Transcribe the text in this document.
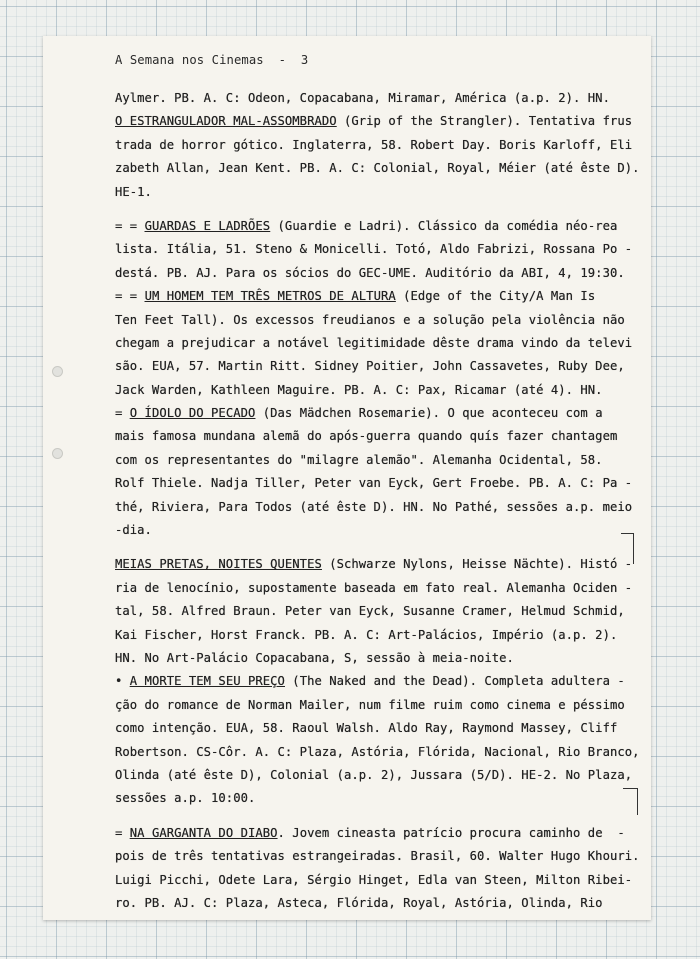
A Semana nos Cinemas  -  3
Aylmer. PB. A. C: Odeon, Copacabana, Miramar, América (a.p. 2). HN.
O ESTRANGULADOR MAL-ASSOMBRADO (Grip of the Strangler). Tentativa frus
trada de horror gótico. Inglaterra, 58. Robert Day. Boris Karloff, Eli
zabeth Allan, Jean Kent. PB. A. C: Colonial, Royal, Méier (até êste D).
HE-1.
= = GUARDAS E LADRÕES (Guardie e Ladri). Clássico da comédia néo-rea
lista. Itália, 51. Steno & Monicelli. Totó, Aldo Fabrizi, Rossana Po -
destá. PB. AJ. Para os sócios do GEC-UME. Auditório da ABI, 4, 19:30.
= = UM HOMEM TEM TRÊS METROS DE ALTURA (Edge of the City/A Man Is
Ten Feet Tall). Os excessos freudianos e a solução pela violência não
chegam a prejudicar a notável legitimidade dêste drama vindo da televi
são. EUA, 57. Martin Ritt. Sidney Poitier, John Cassavetes, Ruby Dee,
Jack Warden, Kathleen Maguire. PB. A. C: Pax, Ricamar (até 4). HN.
= O ÍDOLO DO PECADO (Das Mädchen Rosemarie). O que aconteceu com a
mais famosa mundana alemã do após-guerra quando quís fazer chantagem
com os representantes do "milagre alemão". Alemanha Ocidental, 58.
Rolf Thiele. Nadja Tiller, Peter van Eyck, Gert Froebe. PB. A. C: Pa -
thé, Riviera, Para Todos (até êste D). HN. No Pathé, sessões a.p. meio
-dia.
MEIAS PRETAS, NOITES QUENTES (Schwarze Nylons, Heisse Nächte). Histó -
ria de lenocínio, supostamente baseada em fato real. Alemanha Ociden -
tal, 58. Alfred Braun. Peter van Eyck, Susanne Cramer, Helmud Schmid,
Kai Fischer, Horst Franck. PB. A. C: Art-Palácios, Império (a.p. 2).
HN. No Art-Palácio Copacabana, S, sessão à meia-noite.
• A MORTE TEM SEU PREÇO (The Naked and the Dead). Completa adultera -
ção do romance de Norman Mailer, num filme ruim como cinema e péssimo
como intenção. EUA, 58. Raoul Walsh. Aldo Ray, Raymond Massey, Cliff
Robertson. CS-Côr. A. C: Plaza, Astória, Flórida, Nacional, Rio Branco,
Olinda (até êste D), Colonial (a.p. 2), Jussara (5/D). HE-2. No Plaza,
sessões a.p. 10:00.
= NA GARGANTA DO DIABO. Jovem cineasta patrício procura caminho de  -
pois de três tentativas estrangeiradas. Brasil, 60. Walter Hugo Khouri.
Luigi Picchi, Odete Lara, Sérgio Hinget, Edla van Steen, Milton Ribei-
ro. PB. AJ. C: Plaza, Asteca, Flórida, Royal, Astória, Olinda, Rio
